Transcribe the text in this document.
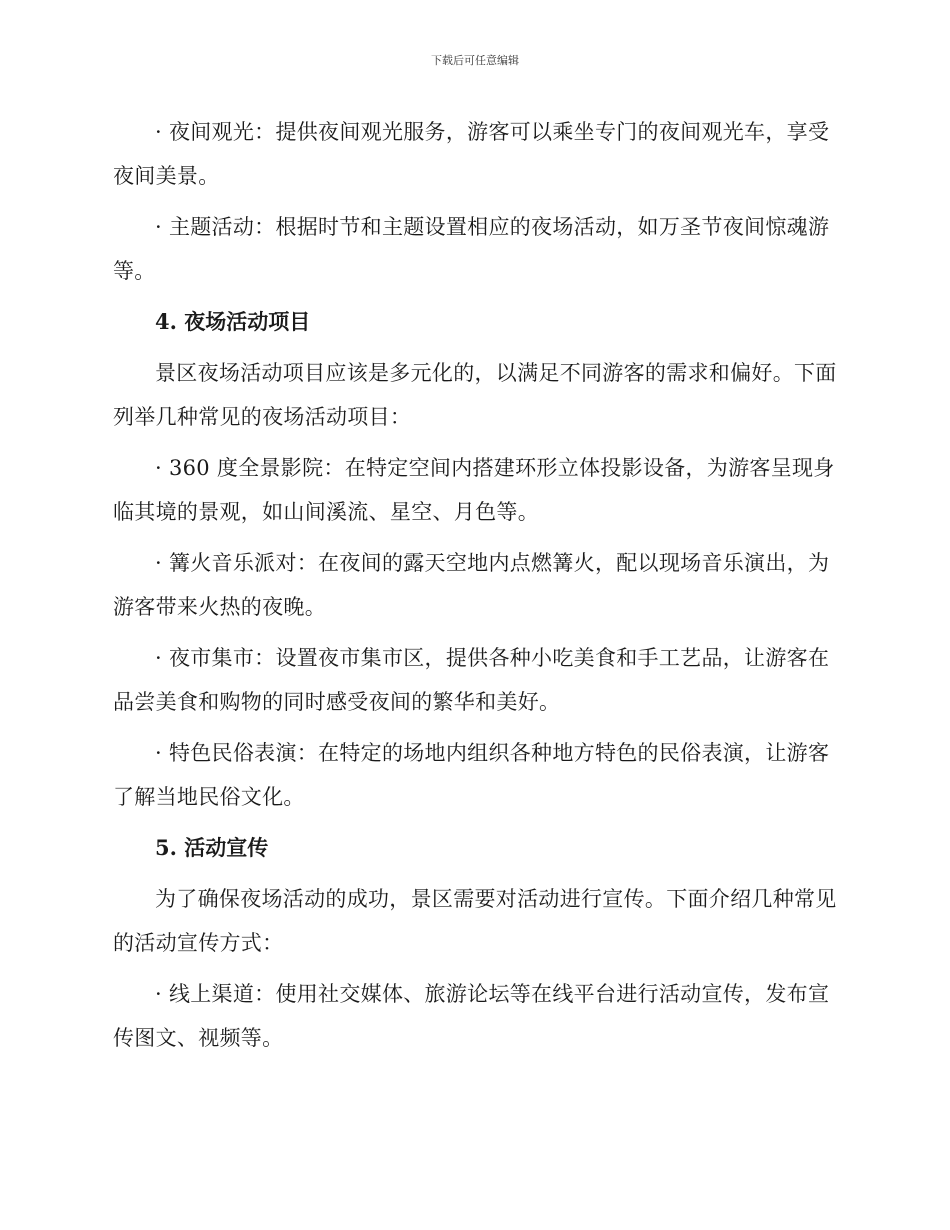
下载后可任意编辑

· 夜间观光：提供夜间观光服务，游客可以乘坐专门的夜间观光车，享受夜间美景。

· 主题活动：根据时节和主题设置相应的夜场活动，如万圣节夜间惊魂游等。

4. 夜场活动项目

景区夜场活动项目应该是多元化的，以满足不同游客的需求和偏好。下面列举几种常见的夜场活动项目：

· 360 度全景影院：在特定空间内搭建环形立体投影设备，为游客呈现身临其境的景观，如山间溪流、星空、月色等。

· 篝火音乐派对：在夜间的露天空地内点燃篝火，配以现场音乐演出，为游客带来火热的夜晚。

· 夜市集市：设置夜市集市区，提供各种小吃美食和手工艺品，让游客在品尝美食和购物的同时感受夜间的繁华和美好。

· 特色民俗表演：在特定的场地内组织各种地方特色的民俗表演，让游客了解当地民俗文化。

5. 活动宣传

为了确保夜场活动的成功，景区需要对活动进行宣传。下面介绍几种常见的活动宣传方式：

· 线上渠道：使用社交媒体、旅游论坛等在线平台进行活动宣传，发布宣传图文、视频等。
